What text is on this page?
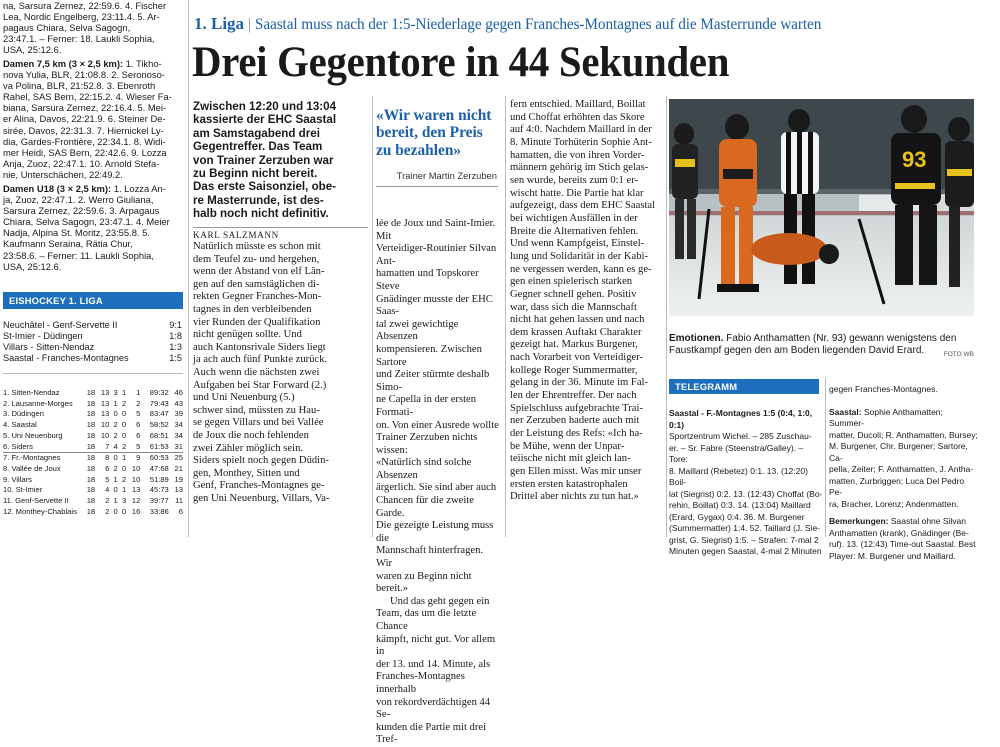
na, Sarsura Zernez, 22:59.6. 4. Fischer
Lea, Nordic Engelberg, 23:11.4. 5. Ar-
pagaus Chiara, Selva Sagogn,
23:47.1. – Ferner: 18. Laukli Sophia,
USA, 25:12.6.
Damen 7,5 km (3 × 2,5 km): 1. Tikho-
nova Yulia, BLR, 21:08.8. 2. Seronoso-
va Polina, BLR, 21:52.8. 3. Ebenroth
Rahel, SAS Bern, 22:15.2. 4. Wieser Fa-
biana, Sarsura Zernez, 22:16.4. 5. Mei-
er Alina, Davos, 22:21.9. 6. Steiner De-
sirée, Davos, 22:31.3. 7. Hiernickel Ly-
dia, Gardes-Frontière, 22:34.1. 8. Widi-
mer Heidi, SAS Bern, 22:42.6. 9. Lozza
Anja, Zuoz, 22:47.1. 10. Arnold Stefa-
nie, Unterschächen, 22:49.2.
Damen U18 (3 × 2,5 km): 1. Lozza An-
ja, Zuoz, 22:47.1. 2. Werro Giuliana,
Sarsura Zernez, 22:59.6. 3. Arpagaus
Chiara, Selva Sagogn, 23:47.1. 4. Meier
Nadja, Alpina St. Moritz, 23:55.8. 5.
Kaufmann Seraina, Rätia Chur,
23:58.6. – Ferner: 11. Laukli Sophia,
USA, 25:12.6.
EISHOCKEY 1. LIGA
Neuchâtel - Genf-Servette II	9:1
St-Imier - Düdingen	1:8
Villars - Sitten-Nendaz	1:3
Saastal - Franches-Montagnes	1:5
1. Sitten-Nendaz	18	13	3	1	1	89:32	46
2. Lausanne-Morges	18	13	1	2	2	79:43	43
3. Düdingen	18	13	0	0	5	83:47	39
4. Saastal	18	10	2	0	6	58:52	34
5. Uni Neuenburg	18	10	2	0	6	68:51	34
6. Siders	18	7	4	2	5	61:53	31
7. Fr.-Montagnes	18	8	0	1	9	60:53	25
8. Vallée de Joux	18	6	2	0	10	47:68	21
9. Villars	18	5	1	2	10	51:89	19
10. St-Imier	18	4	0	1	13	45:73	13
11. Genf-Servette II	18	2	1	3	12	39:77	11
12. Monthey-Chablais	18	2	0	0	16	33:86	6
1. Liga | Saastal muss nach der 1:5-Niederlage gegen Franches-Montagnes auf die Masterrunde warten
Drei Gegentore in 44 Sekunden
Zwischen 12:20 und 13:04
kassierte der EHC Saastal
am Samstagabend drei
Gegentreffer. Das Team
von Trainer Zerzuben war
zu Beginn nicht bereit.
Das erste Saisonziel, obe-
re Masterrunde, ist des-
halb noch nicht definitiv.
KARL SALZMANN
Natürlich müsste es schon mit
dem Teufel zu- und hergehen,
wenn der Abstand von elf Län-
gen auf den samstäglichen di-
rekten Gegner Franches-Mon-
tagnes in den verbleibenden
vier Runden der Qualifikation
nicht genügen sollte. Und
auch Kantonsrivale Siders liegt
ja ach auch fünf Punkte zurück.
Auch wenn die nächsten zwei
Aufgaben bei Star Forward (2.)
und Uni Neuenburg (5.)
schwer sind, müssten zu Hau-
se gegen Villars und bei Vallée
de Joux die noch fehlenden
zwei Zähler möglich sein.
Siders spielt noch gegen Düdin-
gen, Monthey, Sitten und
Genf, Franches-Montagnes ge-
gen Uni Neuenburg, Villars, Va-
«Wir waren nicht
bereit, den Preis
zu bezahlen»
Trainer Martin Zerzuben
lée de Joux und Saint-Imier. Mit
Verteidiger-Routinier Silvan Ant-
hamatten und Topskorer Steve
Gnädinger musste der EHC Saas-
tal zwei gewichtige Absenzen
kompensieren. Zwischen Sartore
und Zeiter stürmte deshalb Simo-
ne Capella in der ersten Formati-
on. Von einer Ausrede wollte
Trainer Zerzuben nichts wissen:
«Natürlich sind solche Absenzen
ärgerlich. Sie sind aber auch
Chancen für die zweite Garde.
Die gezeigte Leistung muss die
Mannschaft hinterfragen. Wir
waren zu Beginn nicht bereit.»
Und das geht gegen ein
Team, das um die letzte Chance
kämpft, nicht gut. Vor allem in
der 13. und 14. Minute, als
Franches-Montagnes innerhalb
von rekordverdächtigen 44 Se-
kunden die Partie mit drei Tref-
fern entschied. Maillard, Boillat
und Choffat erhöhten das Skore
auf 4:0. Nachdem Maillard in der
8. Minute Torhüterin Sophie Ant-
hamatten, die von ihren Vorder-
männern gehörig im Stich gelas-
sen wurde, bereits zum 0:1 er-
wischt hatte. Die Partie hat klar
aufgezeigt, dass dem EHC Saastal
bei wichtigen Ausfällen in der
Breite die Alternativen fehlen.
Und wenn Kampfgeist, Einstel-
lung und Solidarität in der Kabi-
ne vergessen werden, kann es ge-
gen einen spielerisch starken
Gegner schnell gehen. Positiv
war, dass sich die Mannschaft
nicht hat gehen lassen und nach
dem krassen Auftakt Charakter
gezeigt hat. Markus Burgener,
nach Vorarbeit von Verteidiger-
kollege Roger Summermatter,
gelang in der 36. Minute im Fal-
len der Ehrentreffer. Der nach
Spielschluss aufgebrachte Trai-
ner Zerzuben haderte auch mit
der Leistung des Refs: «Ich ha-
be Mühe, wenn der Unpar-
teiische nicht mit gleich lan-
gen Ellen misst. Was mir unser
ersten ersten katastrophalen
Drittel aber nichts zu tun hat.»
93
Emotionen. Fabio Anthamatten (Nr. 93) gewann wenigstens den
Faustkampf gegen den am Boden liegenden David Erard.	FOTO WB
TELEGRAMM
Saastal - F.-Montagnes 1:5 (0:4, 1:0, 0:1)
Sportzentrum Wichel. – 285 Zuschau-
er. – Sr. Fabre (Steenstra/Galley). – Tore:
8. Maillard (Rebetez) 0:1. 13. (12:20) Boil-
lat (Siegrist) 0:2. 13. (12:43) Choffat (Bo-
rehin, Boillat) 0:3. 14. (13:04) Maillard
(Erard, Gygax) 0:4. 36. M. Burgener
(Summermatter) 1:4. 52. Taillard (J. Sie-
grist, G. Siegrist) 1:5. – Strafen: 7-mal 2
Minuten gegen Saastal, 4-mal 2 Minuten
gegen Franches-Montagnes.
Saastal: Sophie Anthamatten; Summer-
matter, Ducoli; R. Anthamatten, Bursey;
M. Burgener, Chr. Burgener; Sartore, Ca-
pella, Zeiter; F. Anthamatten, J. Antha-
matten, Zurbriggen; Luca Del Pedro Pe-
ra, Bracher, Lorenz; Andenmatten.
Bemerkungen: Saastal ohne Silvan
Anthamatten (krank), Gnädinger (Be-
ruf). 13. (12:43) Time-out Saastal. Best
Player: M. Burgener und Maillard.
